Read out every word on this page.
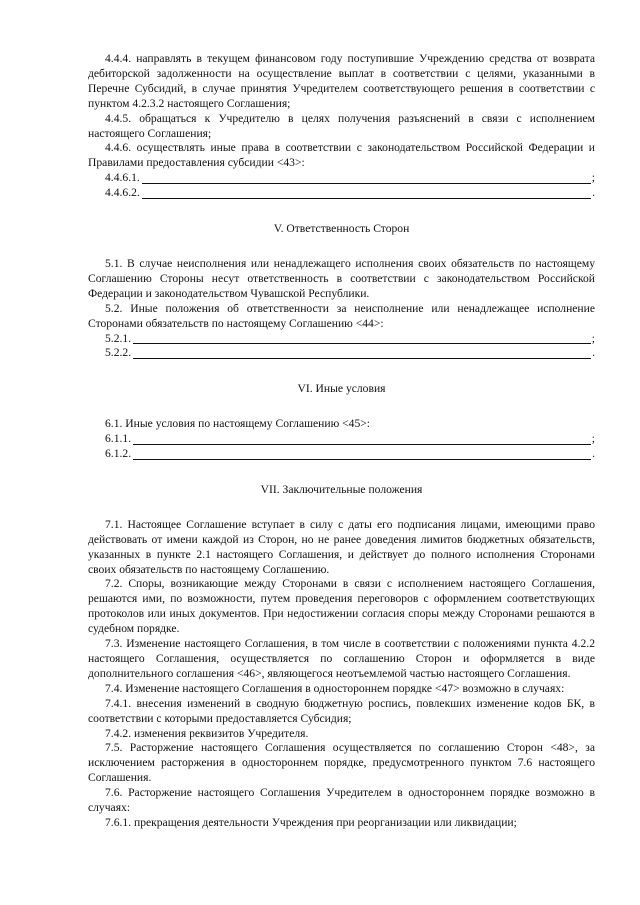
4.4.4. направлять в текущем финансовом году поступившие Учреждению средства от возврата дебиторской задолженности на осуществление выплат в соответствии с целями, указанными в Перечне Субсидий, в случае принятия Учредителем соответствующего решения в соответствии с пунктом 4.2.3.2 настоящего Соглашения;

4.4.5. обращаться к Учредителю в целях получения разъяснений в связи с исполнением настоящего Соглашения;

4.4.6. осуществлять иные права в соответствии с законодательством Российской Федерации и Правилами предоставления субсидии <43>:

4.4.6.1.	;
4.4.6.2.	.

V. Ответственность Сторон

5.1. В случае неисполнения или ненадлежащего исполнения своих обязательств по настоящему Соглашению Стороны несут ответственность в соответствии с законодательством Российской Федерации и законодательством Чувашской Республики.

5.2. Иные положения об ответственности за неисполнение или ненадлежащее исполнение Сторонами обязательств по настоящему Соглашению <44>:

5.2.1.	;
5.2.2.	.

VI. Иные условия

6.1. Иные условия по настоящему Соглашению <45>:

6.1.1.	;
6.1.2.	.

VII. Заключительные положения

7.1. Настоящее Соглашение вступает в силу с даты его подписания лицами, имеющими право действовать от имени каждой из Сторон, но не ранее доведения лимитов бюджетных обязательств, указанных в пункте 2.1 настоящего Соглашения, и действует до полного исполнения Сторонами своих обязательств по настоящему Соглашению.

7.2. Споры, возникающие между Сторонами в связи с исполнением настоящего Соглашения, решаются ими, по возможности, путем проведения переговоров с оформлением соответствующих протоколов или иных документов. При недостижении согласия споры между Сторонами решаются в судебном порядке.

7.3. Изменение настоящего Соглашения, в том числе в соответствии с положениями пункта 4.2.2 настоящего Соглашения, осуществляется по соглашению Сторон и оформляется в виде дополнительного соглашения <46>, являющегося неотъемлемой частью настоящего Соглашения.

7.4. Изменение настоящего Соглашения в одностороннем порядке <47> возможно в случаях:

7.4.1. внесения изменений в сводную бюджетную роспись, повлекших изменение кодов БК, в соответствии с которыми предоставляется Субсидия;

7.4.2. изменения реквизитов Учредителя.

7.5. Расторжение настоящего Соглашения осуществляется по соглашению Сторон <48>, за исключением расторжения в одностороннем порядке, предусмотренного пунктом 7.6 настоящего Соглашения.

7.6. Расторжение настоящего Соглашения Учредителем в одностороннем порядке возможно в случаях:

7.6.1. прекращения деятельности Учреждения при реорганизации или ликвидации;
